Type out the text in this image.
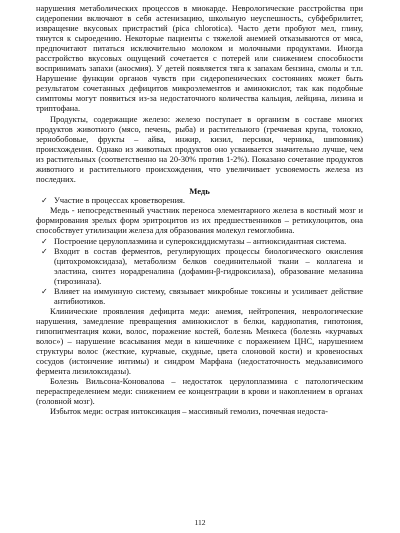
нарушения метаболических процессов в миокарде. Неврологические расстройства при сидеропении включают в себя астенизацию, школьную неуспешность, субфебрилитет, извращение вкусовых пристрастий (pica chlorotica). Часто дети пробуют мел, глину, тянутся к сыроедению. Некоторые пациенты с тяжелой анемией отказываются от мяса, предпочитают питаться исключительно молоком и молочными продуктами. Иногда расстройство вкусовых ощущений сочетается с потерей или снижением способности воспринимать запахи (аносмия). У детей появляется тяга к запахам бензина, смолы и т.п. Нарушение функции органов чувств при сидеропенических состояниях может быть результатом сочетанных дефицитов микроэлементов и аминокислот, так как подобные симптомы могут появиться из-за недостаточного количества кальция, лейцина, лизина и триптофана.

Продукты, содержащие железо: железо поступает в организм в составе многих продуктов животного (мясо, печень, рыба) и растительного (гречневая крупа, толокно, зернобобовые, фрукты – айва, инжир, кизил, персики, черника, шиповник) происхождения. Однако из животных продуктов оно усваивается значительно лучше, чем из растительных (соответственно на 20-30% против 1-2%). Показано сочетание продуктов животного и растительного происхождения, что увеличивает усвояемость железа из последних.

Медь

✓ Участие в процессах кроветворения.

Медь - непосредственный участник переноса элементарного железа в костный мозг и формирования зрелых форм эритроцитов из их предшественников – ретикулоцитов, она способствует утилизации железа для образования молекул гемоглобина.

✓ Построение церулоплазмина и супероксиддисмутазы – антиоксидантная система.

✓ Входит в состав ферментов, регулирующих процессы биологического окисления (цитохромоксидаза), метаболизм белков соединительной ткани – коллагена и эластина, синтез норадреналина (дофамин-β-гидроксилаза), образование меланина (тирозиназа).

✓ Влияет на иммунную систему, связывает микробные токсины и усиливает действие антибиотиков.

Клинические проявления дефицита меди: анемия, нейтропения, неврологические нарушения, замедление превращения аминокислот в белки, кардиопатия, гипотония, гипопигментация кожи, волос, поражение костей, болезнь Менкеса (болезнь «курчавых волос») – нарушение всасывания меди в кишечнике с поражением ЦНС, нарушением структуры волос (жесткие, курчавые, скудные, цвета слоновой кости) и кровеносных сосудов (истончение интимы) и синдром Марфана (недостаточность медьзависимого фермента лизилоксидазы).

Болезнь Вильсона-Коновалова – недостаток церулоплазмина с патологическим перераспределением меди: снижением ее концентрации в крови и накоплением в органах (головной мозг).

Избыток меди: острая интоксикация – массивный гемолиз, почечная недоста-

112
